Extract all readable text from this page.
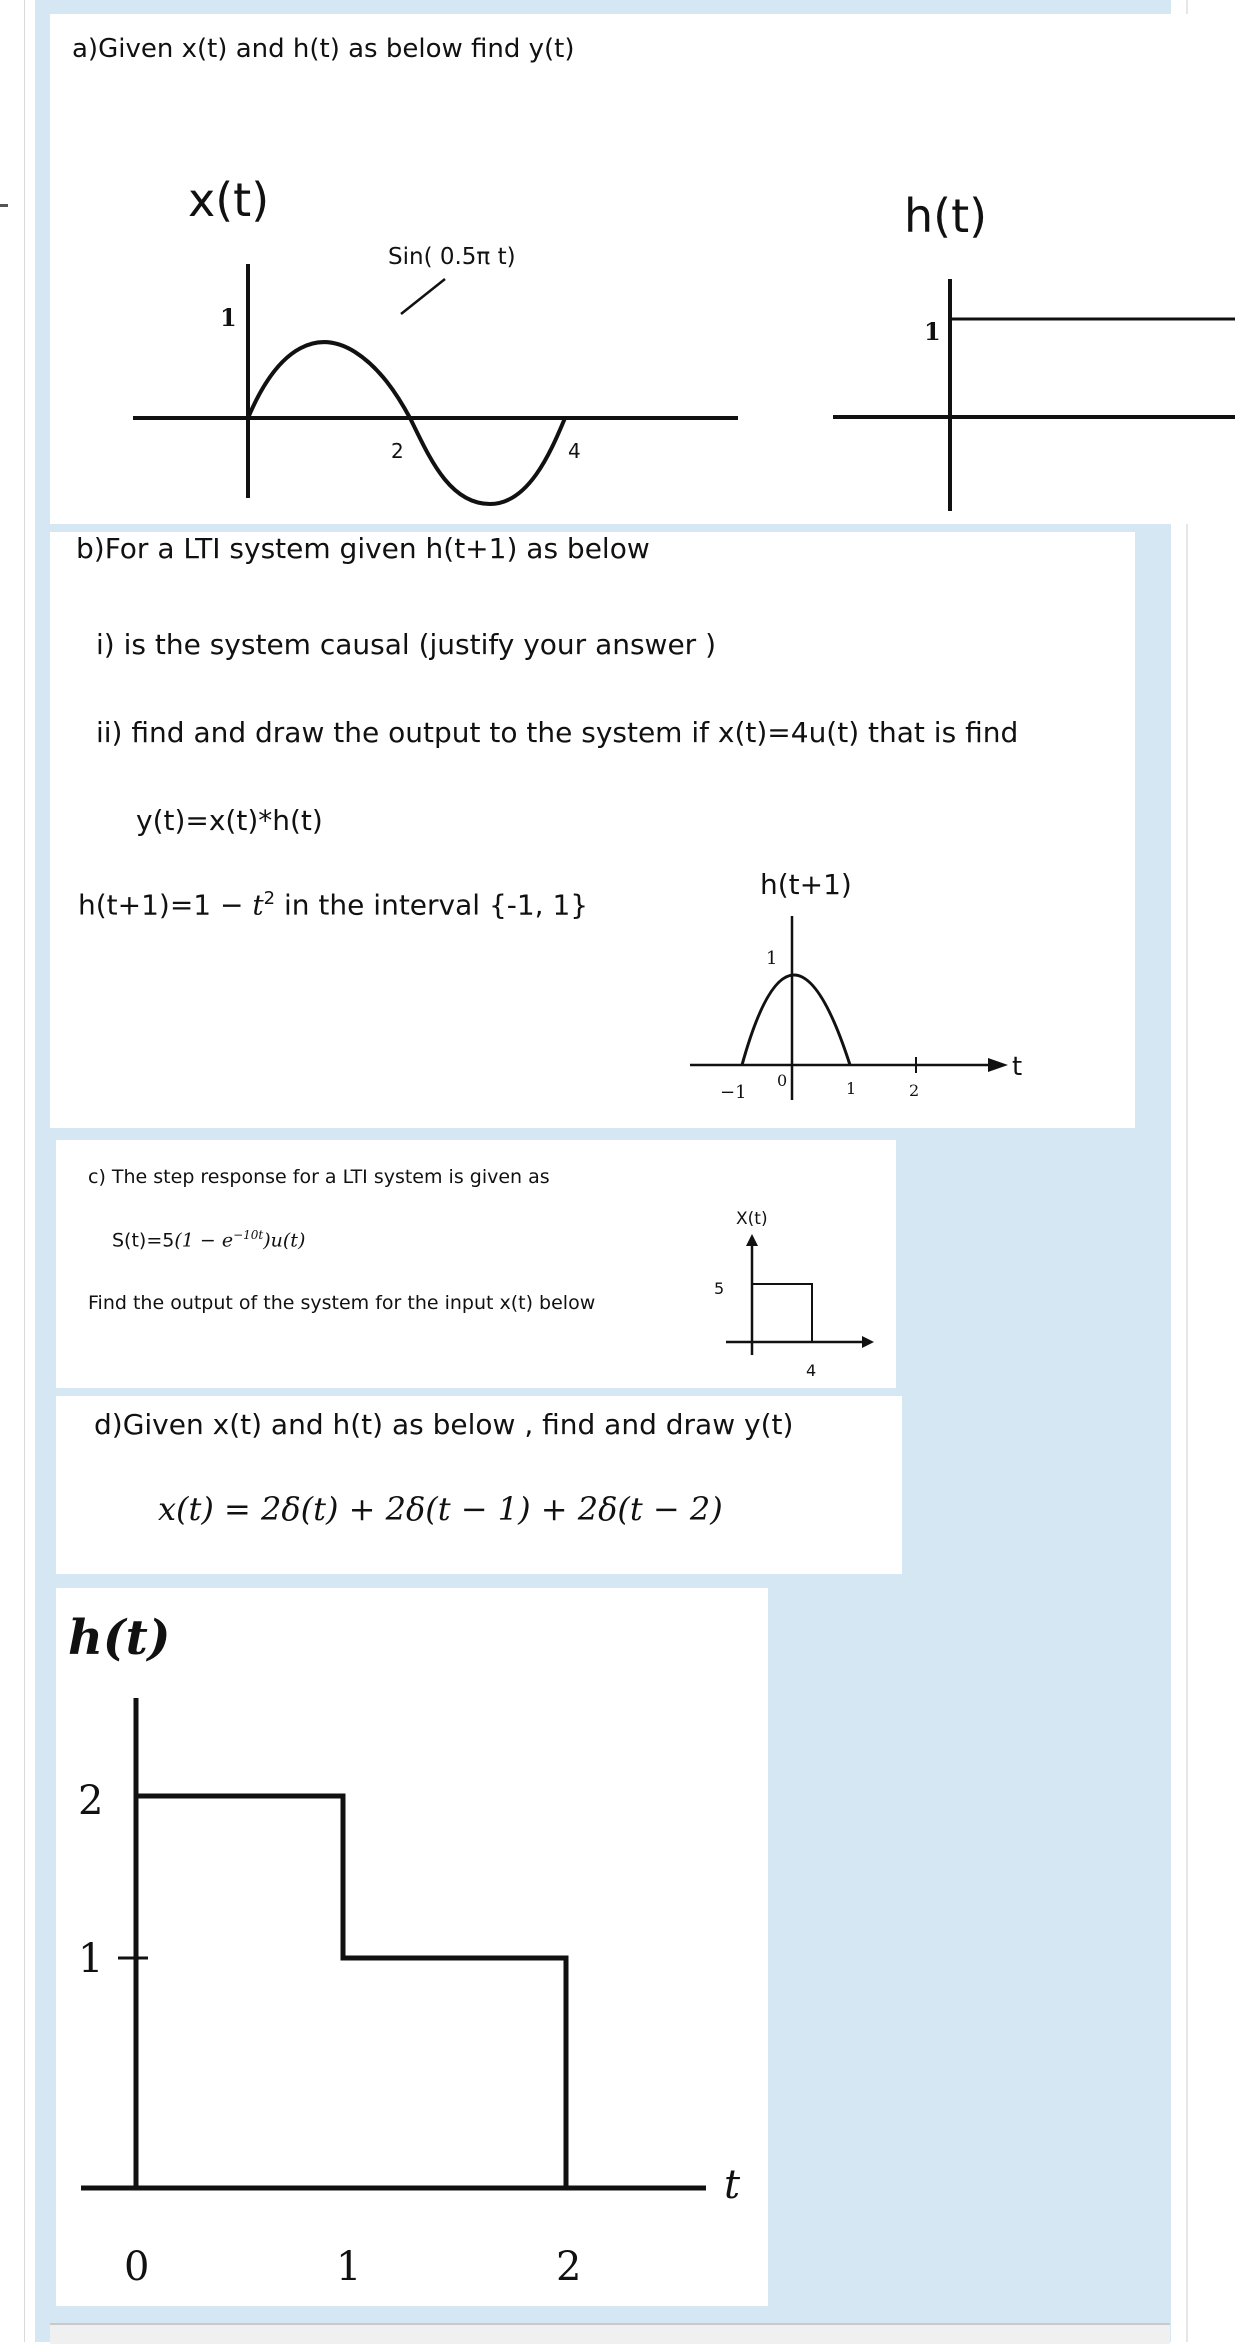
a)Given x(t) and h(t) as below find y(t)
x(t)
Sin( 0.5π t)
1
2	4
h(t)
1
b)For a LTI system given h(t+1) as below
i) is the system causal (justify your answer )
ii) find and draw the output to the system if x(t)=4u(t) that is find
y(t)=x(t)*h(t)
$h(t+1)=1 - t^2$ in the interval {-1, 1}
h(t+1)
1
−1
0	1	2
t
c) The step response for a LTI system is given as
$S(t)=5(1 - e^{-10t})u(t)$
Find the output of the system for the input x(t) below
X(t)
5
4
d)Given x(t) and h(t) as below , find and draw y(t)
x(t) = 2δ(t) + 2δ(t − 1) + 2δ(t − 2)
h(t)
2
1
0	1	2
t
